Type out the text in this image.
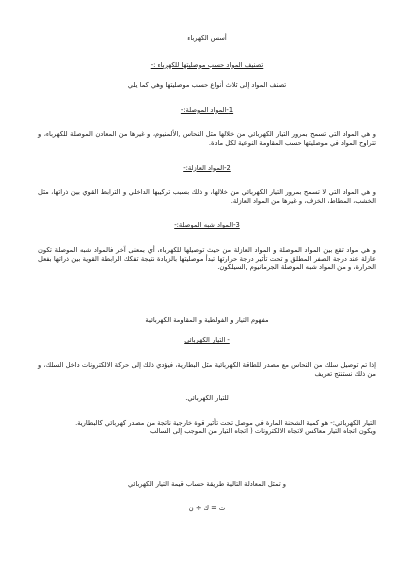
أسس الكهرباء

تصنيف المواد حسب موصليتها للكهرباء :-

تصنف المواد إلى ثلاث أنواع حسب موصليتها وهي كما يلي

1-المواد الموصلة:-

و هي المواد التي تسمح بمرور التيار الكهربائي من خلالها مثل النحاس ,الألمنيوم، و غيرها من المعادن الموصلة للكهرباء، و تتراوح المواد في موصليتها حسب المقاومة النوعية لكل مادة.

2-المواد العازلة:-

و هي المواد التي لا تسمح بمرور التيار الكهربائي من خلالها، و ذلك بسبب تركيبها الداخلي و الترابط القوي بين ذراتها، مثل الخشب، المطاط، الخزف، و غيرها من المواد العازلة.

3-المواد شبه الموصلة:-

و هي مواد تقع بين المواد الموصلة و المواد العازلة من حيث توصيلها للكهرباء، أي بمعنى آخر فالمواد شبه الموصلة تكون عازلة عند درجة الصفر المطلق و تحت تأثير درجة حرارتها تبدأ موصليتها بالزيادة نتيجة تفكك الرابطة القوية بين ذراتها بفعل الحرارة، و من المواد شبه الموصلة الجرمانيوم ,السيلكون.

مفهوم التيار و الفولطية و المقاومة الكهربائية

- التيار الكهربائي

إذا تم توصيل سلك من النحاس مع مصدر للطاقة الكهربائية مثل البطارية، فيؤدي ذلك إلى حركة الالكترونات داخل السلك، و من ذلك نستنتج تعريف

للتيار الكهربائي.

التيار الكهربائي:- هو كمية الشحنة المارة في موصل تحت تأثير قوة خارجية ناتجة من مصدر كهربائي كالبطارية.
ويكون اتجاه التيار معاكس لاتجاه الالكترونات ( اتجاه التيار من الموجب إلى السالب

و تمثل المعادلة التالية طريقة حساب قيمة التيار الكهربائي

ت = ك ÷ ن
